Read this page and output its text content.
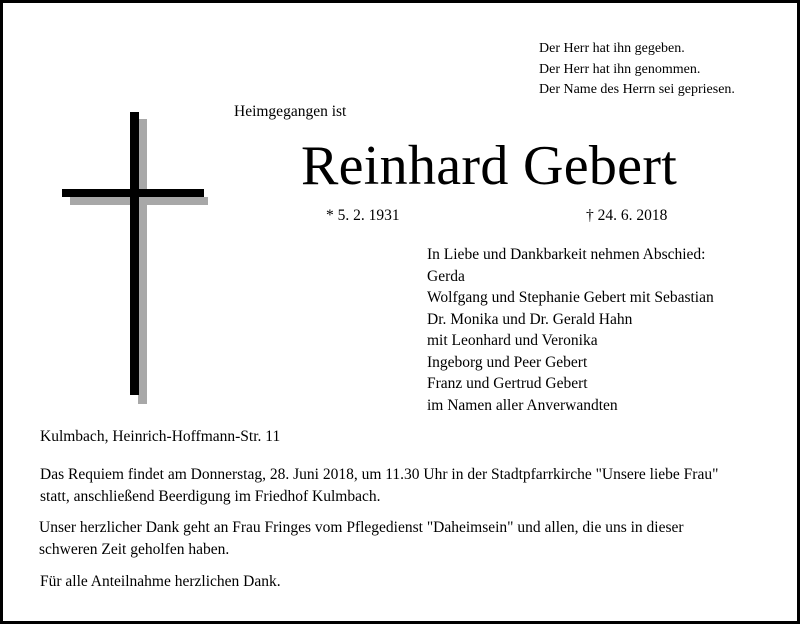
Der Herr hat ihn gegeben.
Der Herr hat ihn genommen.
Der Name des Herrn sei gepriesen.
Heimgegangen ist
Reinhard Gebert
* 5. 2. 1931	† 24. 6. 2018
In Liebe und Dankbarkeit nehmen Abschied:
Gerda
Wolfgang und Stephanie Gebert mit Sebastian
Dr. Monika und Dr. Gerald Hahn
mit Leonhard und Veronika
Ingeborg und Peer Gebert
Franz und Gertrud Gebert
im Namen aller Anverwandten
Kulmbach, Heinrich-Hoffmann-Str. 11
Das Requiem findet am Donnerstag, 28. Juni 2018, um 11.30 Uhr in der Stadtpfarrkirche "Unsere liebe Frau" statt, anschließend Beerdigung im Friedhof Kulmbach.
Unser herzlicher Dank geht an Frau Fringes vom Pflegedienst "Daheimsein" und allen, die uns in dieser schweren Zeit geholfen haben.
Für alle Anteilnahme herzlichen Dank.
